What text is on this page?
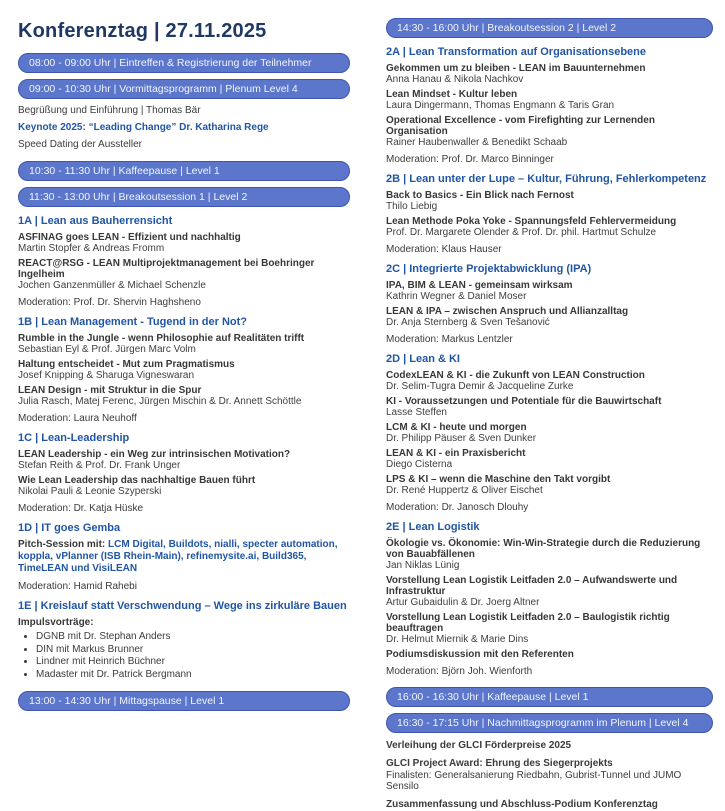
Konferenztag | 27.11.2025
08:00 - 09:00 Uhr | Eintreffen & Registrierung der Teilnehmer
09:00 - 10:30 Uhr | Vormittagsprogramm | Plenum Level 4
Begrüßung und Einführung | Thomas Bär
Keynote 2025: “Leading Change” Dr. Katharina Rege
Speed Dating der Aussteller
10:30 - 11:30 Uhr | Kaffeepause | Level 1
11:30 - 13:00 Uhr | Breakoutsession 1 | Level 2
1A | Lean aus Bauherrensicht
ASFINAG goes LEAN - Effizient und nachhaltig
Martin Stopfer & Andreas Fromm
REACT@RSG - LEAN Multiprojektmanagement bei Boehringer Ingelheim
Jochen Ganzenmüller & Michael Schenzle
Moderation: Prof. Dr. Shervin Haghsheno
1B | Lean Management - Tugend in der Not?
Rumble in the Jungle - wenn Philosophie auf Realitäten trifft
Sebastian Eyl & Prof. Jürgen Marc Volm
Haltung entscheidet - Mut zum Pragmatismus
Josef Knipping & Sharuga Vigneswaran
LEAN Design - mit Struktur in die Spur
Julia Rasch, Matej Ferenc, Jürgen Mischin & Dr. Annett Schöttle
Moderation: Laura Neuhoff
1C | Lean-Leadership
LEAN Leadership - ein Weg zur intrinsischen Motivation?
Stefan Reith & Prof. Dr. Frank Unger
Wie Lean Leadership das nachhaltige Bauen führt
Nikolai Pauli & Leonie Szyperski
Moderation: Dr. Katja Hüske
1D | IT goes Gemba
Pitch-Session mit: LCM Digital, Buildots, nialli, specter automation, koppla, vPlanner (ISB Rhein-Main), refinemysite.ai, Build365, TimeLEAN und VisiLEAN
Moderation: Hamid Rahebi
1E | Kreislauf statt Verschwendung – Wege ins zirkuläre Bauen
Impulsvorträge:
• DGNB mit Dr. Stephan Anders
• DIN mit Markus Brunner
• Lindner mit Heinrich Büchner
• Madaster mit Dr. Patrick Bergmann
13:00 - 14:30 Uhr | Mittagspause | Level 1
14:30 - 16:00 Uhr | Breakoutsession 2 | Level 2
2A | Lean Transformation auf Organisationsebene
Gekommen um zu bleiben - LEAN im Bauunternehmen
Anna Hanau & Nikola Nachkov
Lean Mindset - Kultur leben
Laura Dingermann, Thomas Engmann & Taris Gran
Operational Excellence - vom Firefighting zur Lernenden Organisation
Rainer Haubenwaller & Benedikt Schaab
Moderation: Prof. Dr. Marco Binninger
2B | Lean unter der Lupe – Kultur, Führung, Fehlerkompetenz
Back to Basics - Ein Blick nach Fernost
Thilo Liebig
Lean Methode Poka Yoke - Spannungsfeld Fehlervermeidung
Prof. Dr. Margarete Olender & Prof. Dr. phil. Hartmut Schulze
Moderation: Klaus Hauser
2C | Integrierte Projektabwicklung (IPA)
IPA, BIM & LEAN - gemeinsam wirksam
Kathrin Wegner & Daniel Moser
LEAN & IPA – zwischen Anspruch und Allianzalltag
Dr. Anja Sternberg & Sven Tešanović
Moderation: Markus Lentzler
2D | Lean & KI
CodexLEAN & KI - die Zukunft von LEAN Construction
Dr. Selim-Tugra Demir & Jacqueline Zurke
KI - Voraussetzungen und Potentiale für die Bauwirtschaft
Lasse Steffen
LCM & KI - heute und morgen
Dr. Philipp Päuser & Sven Dunker
LEAN & KI - ein Praxisbericht
Diego Cisterna
LPS & KI – wenn die Maschine den Takt vorgibt
Dr. René Huppertz & Oliver Eischet
Moderation: Dr. Janosch Dlouhy
2E | Lean Logistik
Ökologie vs. Ökonomie: Win-Win-Strategie durch die Reduzierung von Bauabfällenen
Jan Niklas Lünig
Vorstellung Lean Logistik Leitfaden 2.0 – Aufwandswerte und Infrastruktur
Artur Gubaidulin & Dr. Joerg Altner
Vorstellung Lean Logistik Leitfaden 2.0 – Baulogistik richtig beauftragen
Dr. Helmut Miernik & Marie Dins
Podiumsdiskussion mit den Referenten
Moderation: Björn Joh. Wienforth
16:00 - 16:30 Uhr | Kaffeepause | Level 1
16:30 - 17:15 Uhr | Nachmittagsprogramm im Plenum | Level 4
Verleihung der GLCI Förderpreise 2025
GLCI Project Award: Ehrung des Siegerprojekts
Finalisten: Generalsanierung Riedbahn, Gubrist-Tunnel und JUMO Sensilo
Zusammenfassung und Abschluss-Podium Konferenztag
